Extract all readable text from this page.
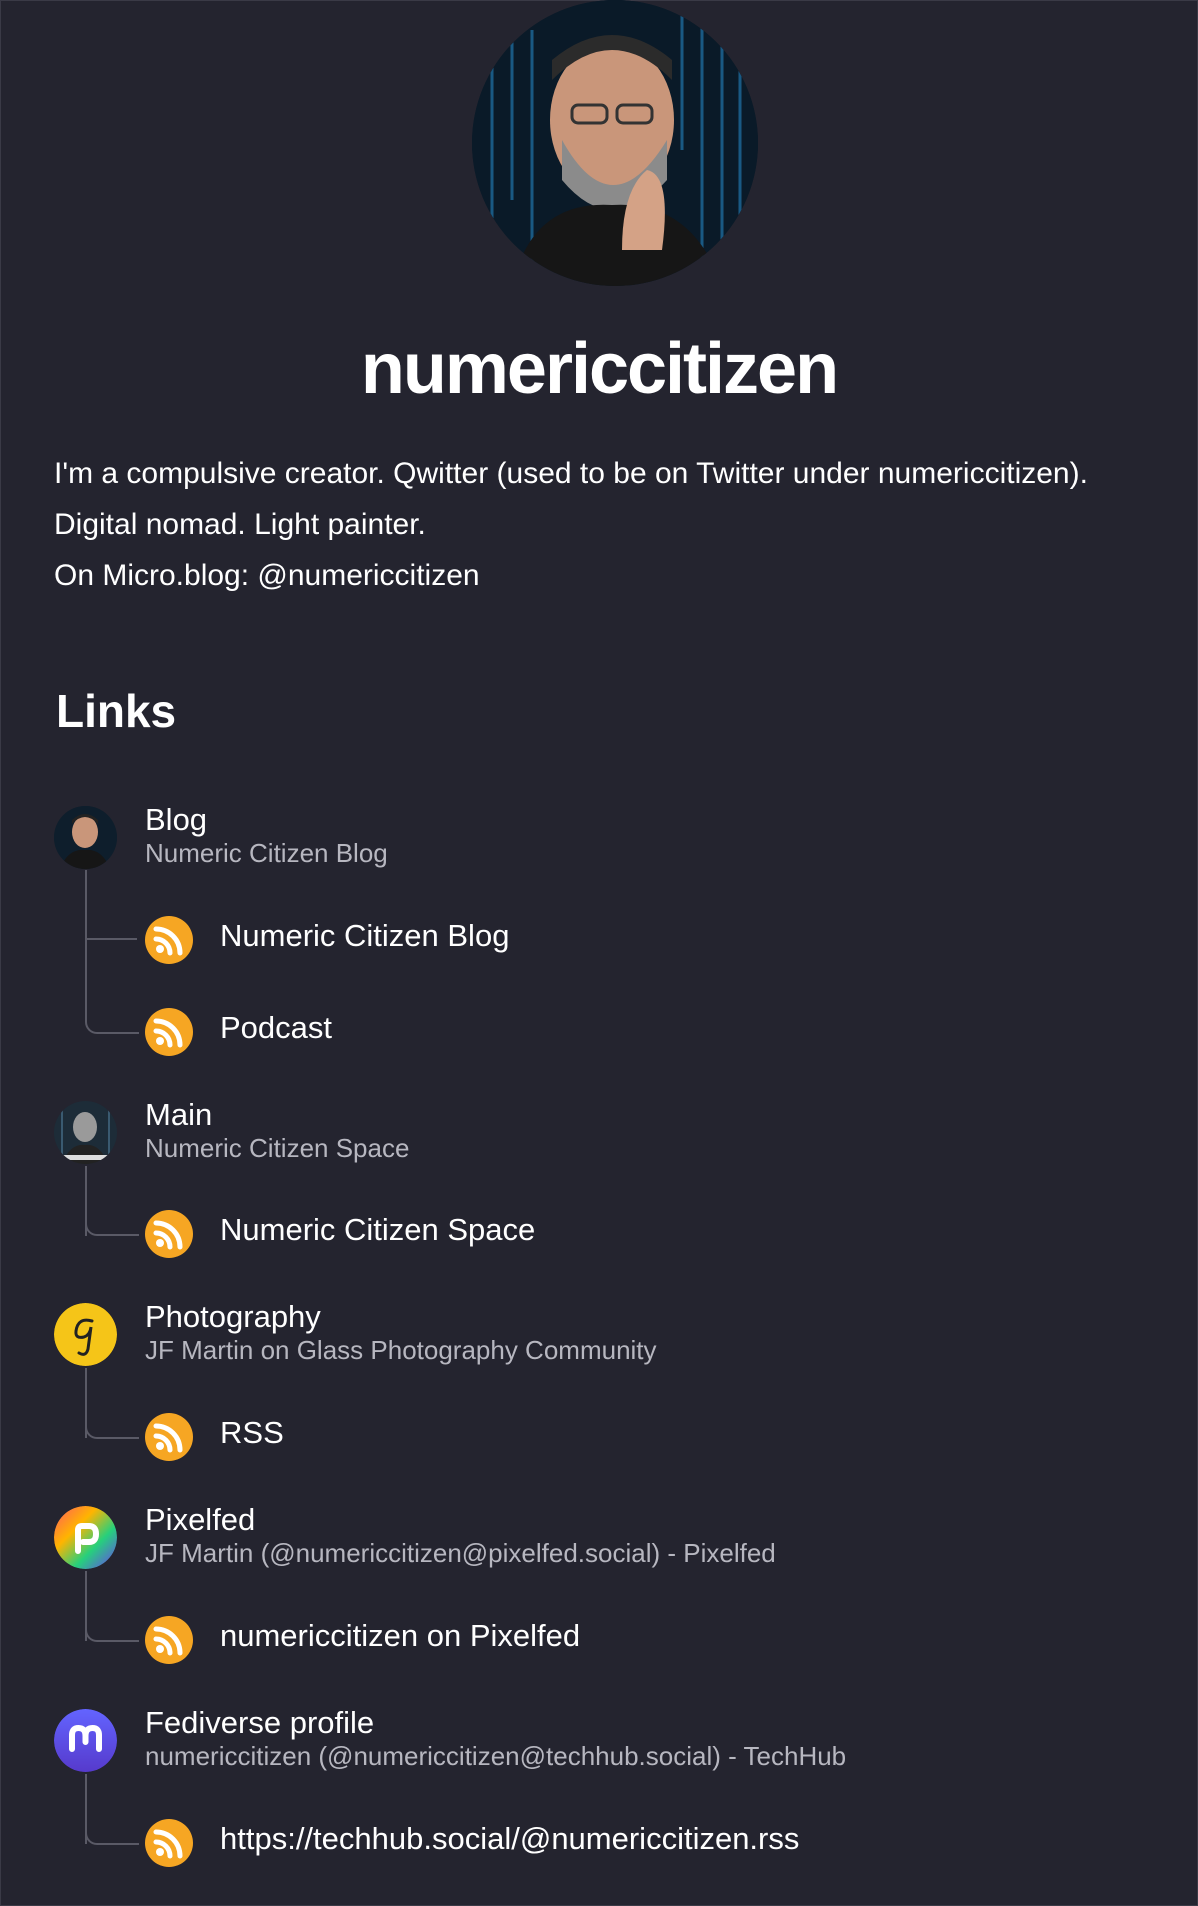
numericcitizen
I'm a compulsive creator. Qwitter (used to be on Twitter under numericcitizen).
Digital nomad. Light painter.
On Micro.blog: @numericcitizen
Links
Blog
Numeric Citizen Blog
Numeric Citizen Blog
Podcast
Main
Numeric Citizen Space
Numeric Citizen Space
Photography
JF Martin on Glass Photography Community
RSS
Pixelfed
JF Martin (@numericcitizen@pixelfed.social) - Pixelfed
numericcitizen on Pixelfed
Fediverse profile
numericcitizen (@numericcitizen@techhub.social) - TechHub
https://techhub.social/@numericcitizen.rss
